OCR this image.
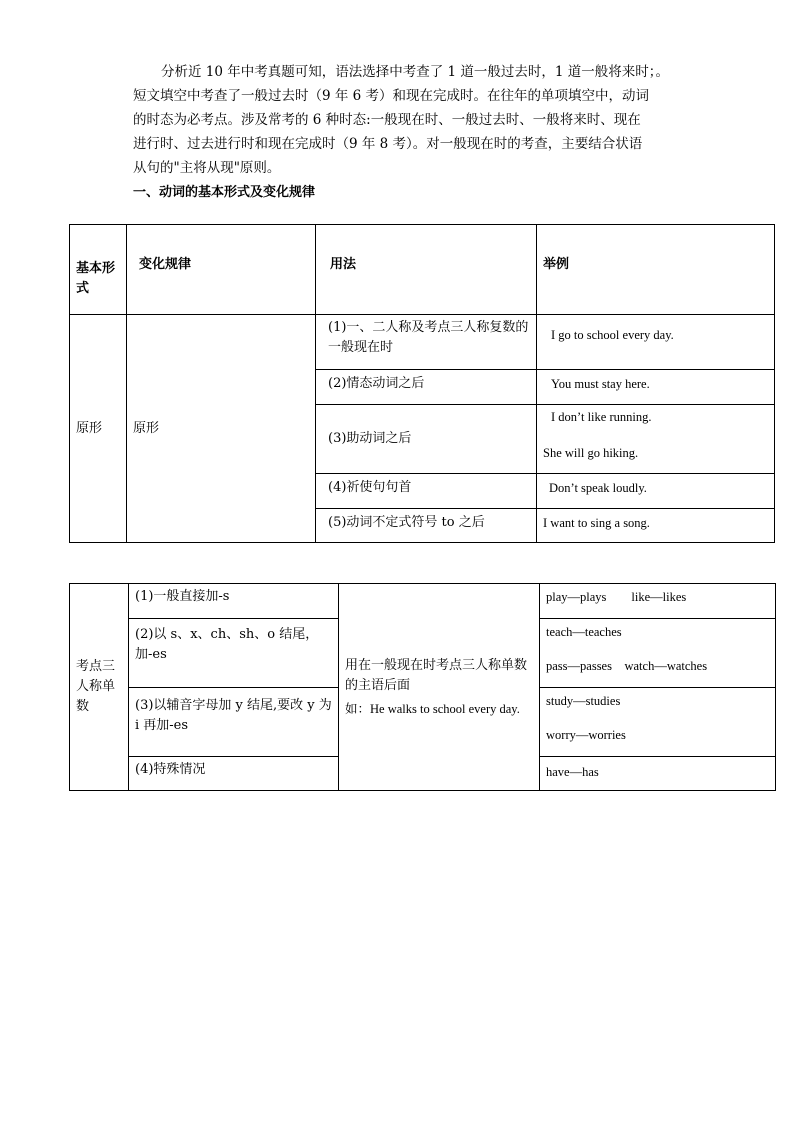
分析近 10 年中考真题可知，语法选择中考查了 1 道一般过去时，1 道一般将来时；。

短文填空中考查了一般过去时（9 年 6 考）和现在完成时。在往年的单项填空中，动词

的时态为必考点。涉及常考的 6 种时态:一般现在时、一般过去时、一般将来时、现在

进行时、过去进行时和现在完成时（9 年 8 考）。对一般现在时的考查，主要结合状语

从句的"主将从现"原则。

一、动词的基本形式及变化规律
基本形式	变化规律	用法	举例

原形	原形	(1)一、二人称及考点三人称复数的一般现在时	I go to school every day.

		(2)情态动词之后	You must stay here.

		(3)助动词之后	I don’t like running.
She will go hiking.

		(4)祈使句句首	Don’t speak loudly.

		(5)动词不定式符号 to 之后	I want to sing a song.
考点三人称单数	(1)一般直接加-s	用在一般现在时考点三人称单数的主语后面
如：He walks to school every day.	play—plays        like—likes

	(2)以 s、x、ch、sh、o 结尾，加-es		teach—teaches
pass—passes    watch—watches

	(3)以辅音字母加 y 结尾,要改 y 为 i 再加-es		study—studies
worry—worries

	(4)特殊情况		have—has
